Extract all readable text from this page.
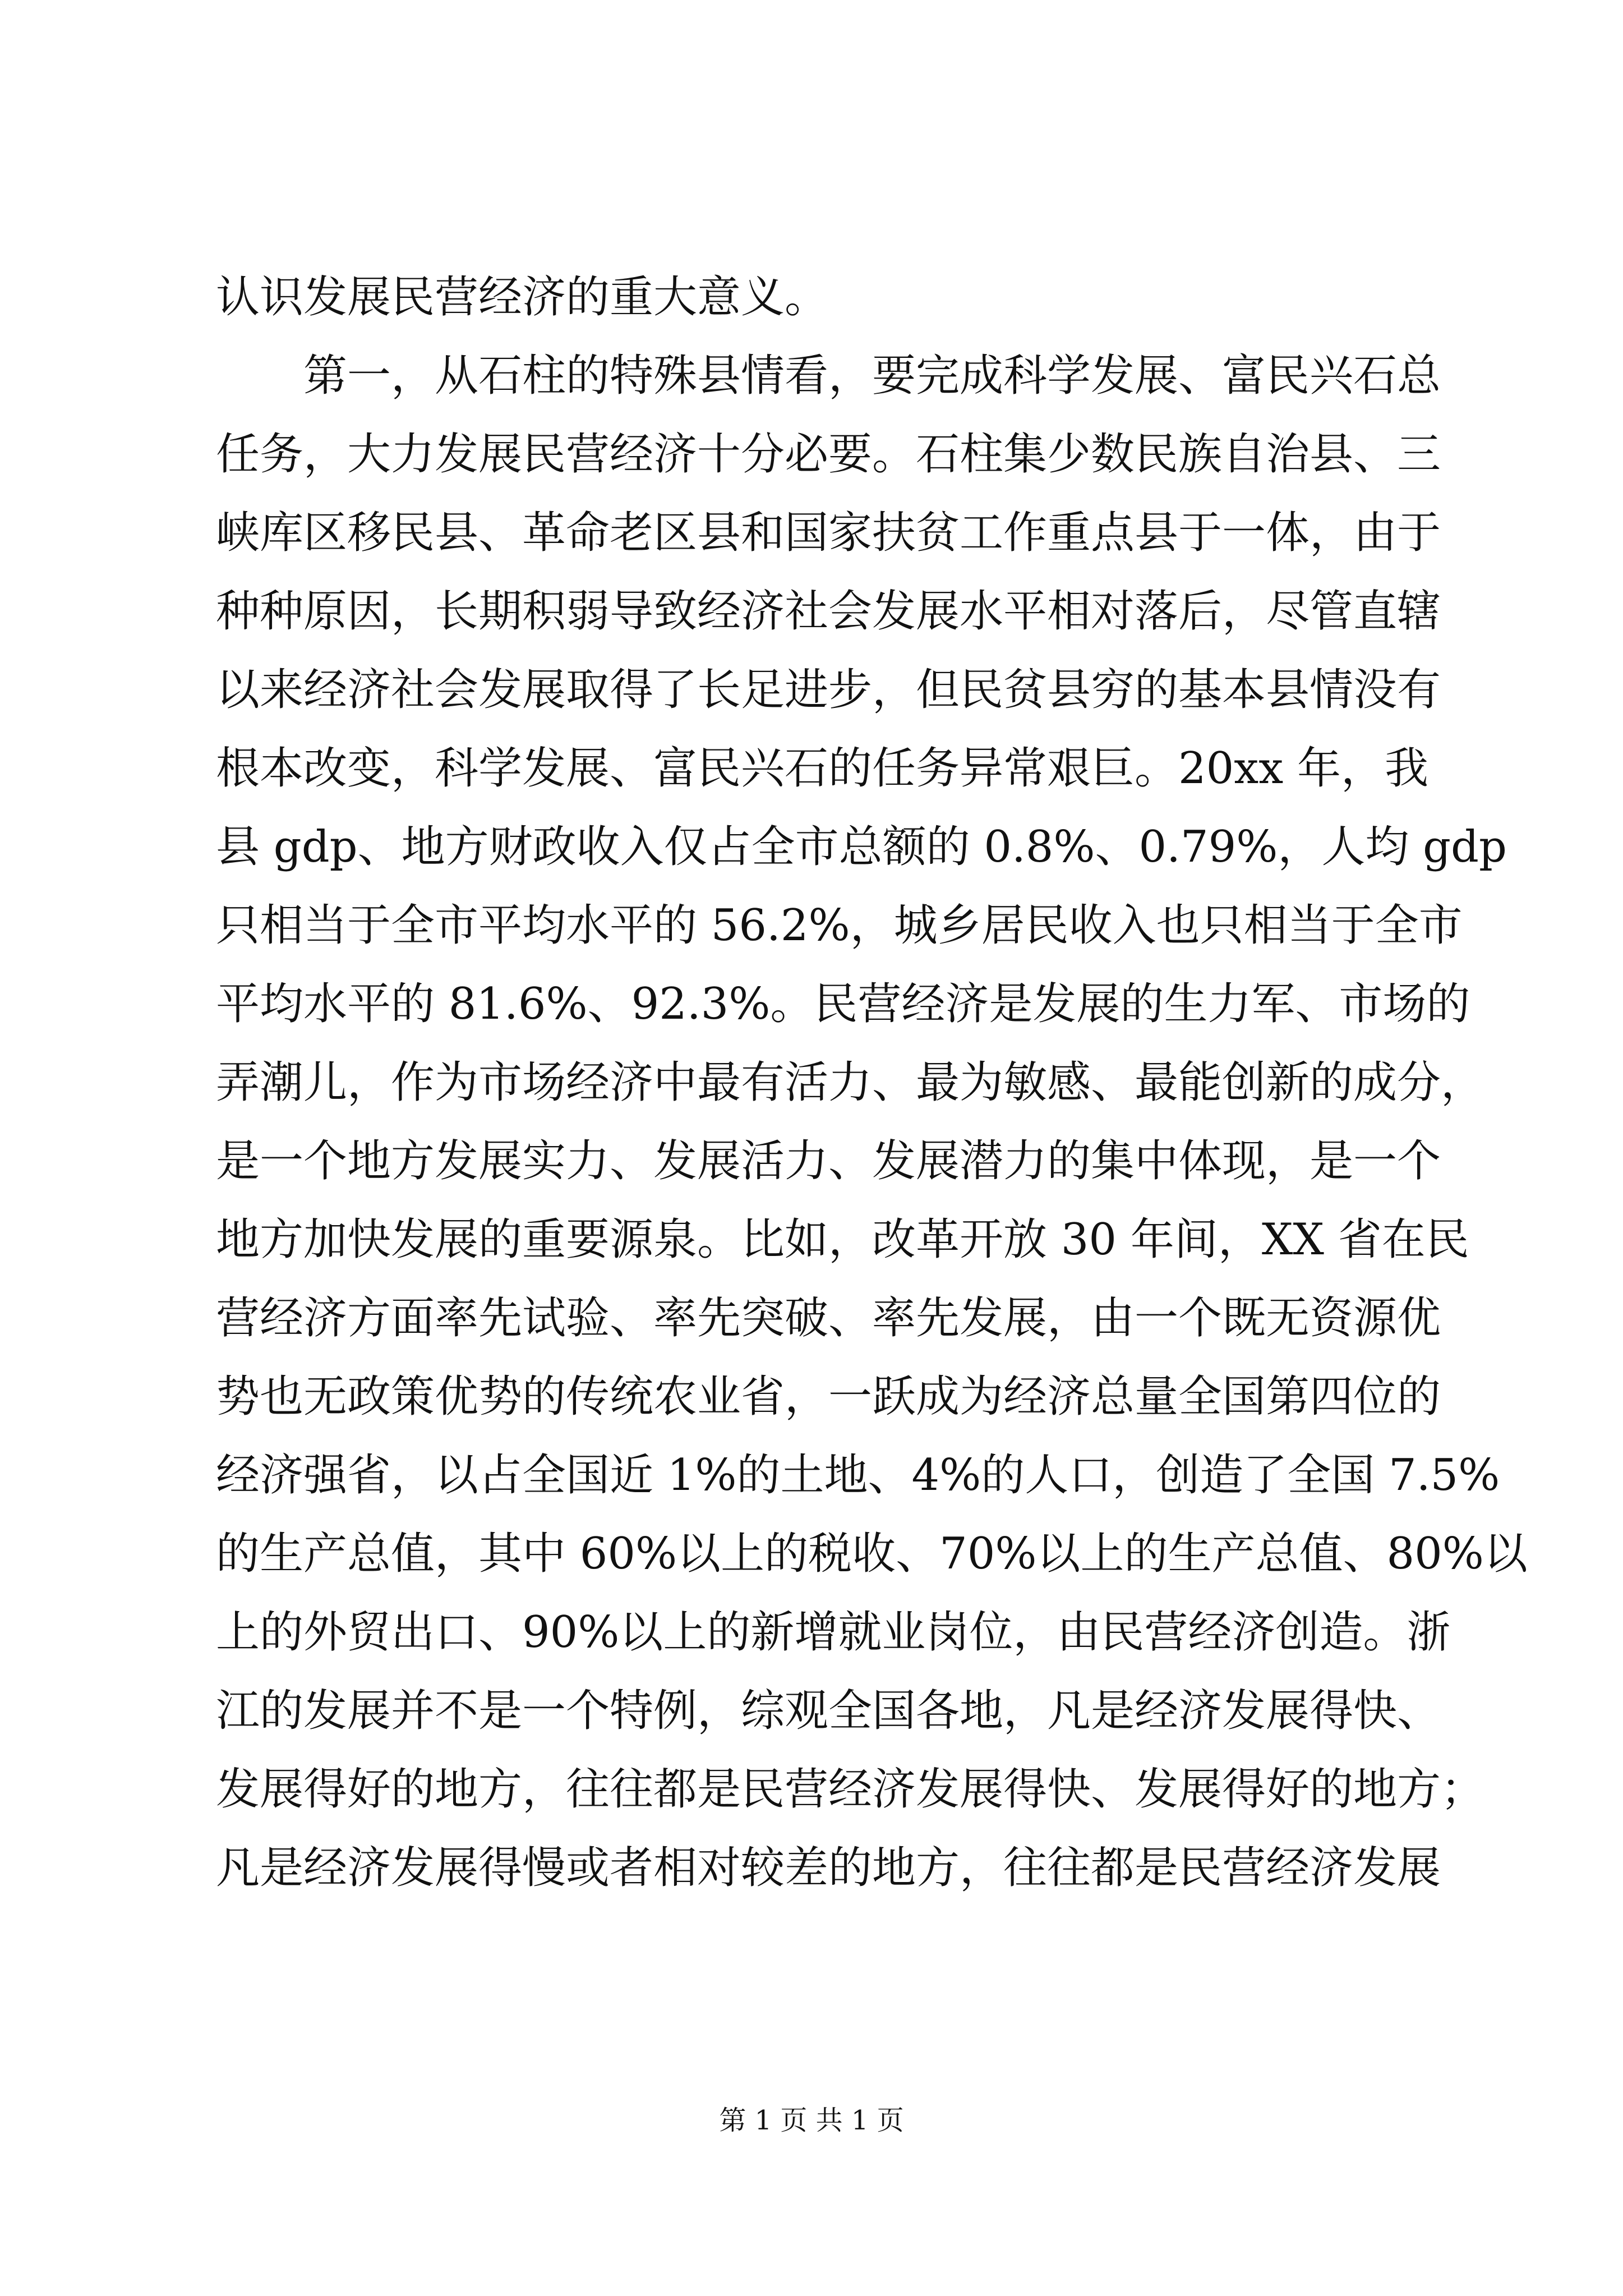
认识发展民营经济的重大意义。
　　第一，从石柱的特殊县情看，要完成科学发展、富民兴石总
任务，大力发展民营经济十分必要。石柱集少数民族自治县、三
峡库区移民县、革命老区县和国家扶贫工作重点县于一体，由于
种种原因，长期积弱导致经济社会发展水平相对落后，尽管直辖
以来经济社会发展取得了长足进步，但民贫县穷的基本县情没有
根本改变，科学发展、富民兴石的任务异常艰巨。20xx 年，我
县 gdp、地方财政收入仅占全市总额的 0.8%、0.79%，人均 gdp
只相当于全市平均水平的 56.2%，城乡居民收入也只相当于全市
平均水平的 81.6%、92.3%。民营经济是发展的生力军、市场的
弄潮儿，作为市场经济中最有活力、最为敏感、最能创新的成分，
是一个地方发展实力、发展活力、发展潜力的集中体现，是一个
地方加快发展的重要源泉。比如，改革开放 30 年间，XX 省在民
营经济方面率先试验、率先突破、率先发展，由一个既无资源优
势也无政策优势的传统农业省，一跃成为经济总量全国第四位的
经济强省，以占全国近 1%的土地、4%的人口，创造了全国 7.5%
的生产总值，其中 60%以上的税收、70%以上的生产总值、80%以
上的外贸出口、90%以上的新增就业岗位，由民营经济创造。浙
江的发展并不是一个特例，综观全国各地，凡是经济发展得快、
发展得好的地方，往往都是民营经济发展得快、发展得好的地方；
凡是经济发展得慢或者相对较差的地方，往往都是民营经济发展
第 1 页 共 1 页
